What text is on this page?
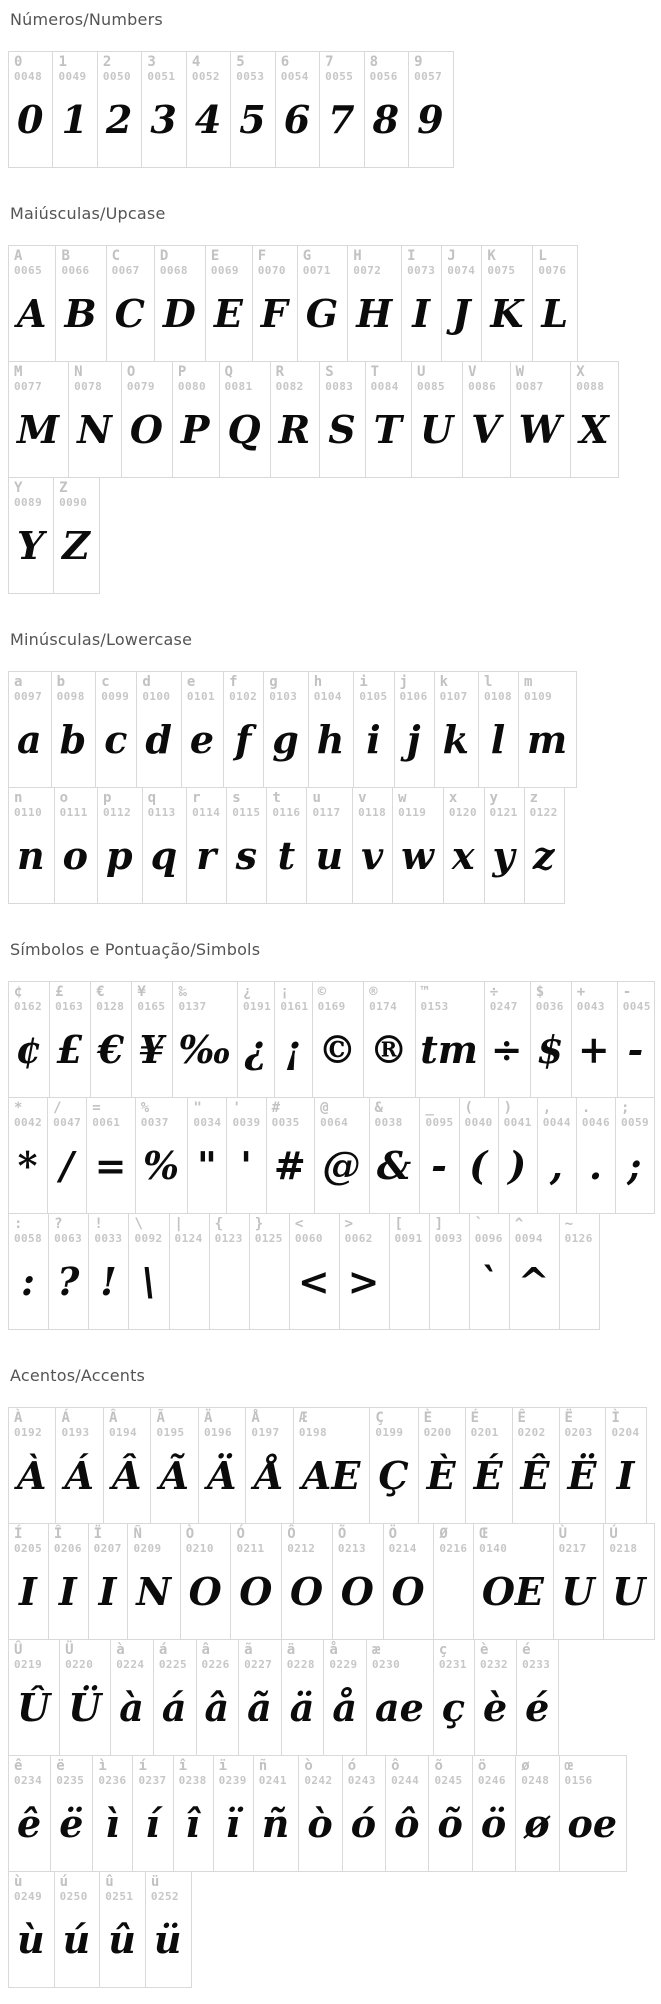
Números/Numbers
0
0048
0
1
0049
1
2
0050
2
3
0051
3
4
0052
4
5
0053
5
6
0054
6
7
0055
7
8
0056
8
9
0057
9
Maiúsculas/Upcase
A
0065
A
B
0066
B
C
0067
C
D
0068
D
E
0069
E
F
0070
F
G
0071
G
H
0072
H
I
0073
I
J
0074
J
K
0075
K
L
0076
L
M
0077
M
N
0078
N
O
0079
O
P
0080
P
Q
0081
Q
R
0082
R
S
0083
S
T
0084
T
U
0085
U
V
0086
V
W
0087
W
X
0088
X
Y
0089
Y
Z
0090
Z
Minúsculas/Lowercase
a
0097
a
b
0098
b
c
0099
c
d
0100
d
e
0101
e
f
0102
f
g
0103
g
h
0104
h
i
0105
i
j
0106
j
k
0107
k
l
0108
l
m
0109
m
n
0110
n
o
0111
o
p
0112
p
q
0113
q
r
0114
r
s
0115
s
t
0116
t
u
0117
u
v
0118
v
w
0119
w
x
0120
x
y
0121
y
z
0122
z
Símbolos e Pontuação/Simbols
¢
0162
¢
£
0163
£
€
0128
€
¥
0165
¥
‰
0137
‰
¿
0191
¿
¡
0161
¡
©
0169
©
®
0174
®
™
0153
tm
÷
0247
÷
$
0036
$
+
0043
+
-
0045
-
*
0042
*
/
0047
/
=
0061
=
%
0037
%
"
0034
"
'
0039
'
#
0035
#
@
0064
@
&
0038
&
_
0095
-
(
0040
(
)
0041
)
,
0044
,
.
0046
.
;
0059
;
:
0058
:
?
0063
?
!
0033
!
\
0092
\
|
0124
{
0123
}
0125
<
0060
<
>
0062
>
[
0091
]
0093
`
0096
`
^
0094
^
~
0126
Acentos/Accents
À
0192
À
Á
0193
Á
Â
0194
Â
Ã
0195
Ã
Ä
0196
Ä
Å
0197
Å
Æ
0198
AE
Ç
0199
Ç
È
0200
È
É
0201
É
Ê
0202
Ê
Ë
0203
Ë
Ì
0204
I
Í
0205
I
Î
0206
I
Ï
0207
I
Ñ
0209
N
Ò
0210
O
Ó
0211
O
Ô
0212
O
Õ
0213
O
Ö
0214
O
Ø
0216
Œ
0140
OE
Ù
0217
U
Ú
0218
U
Û
0219
Û
Ü
0220
Ü
à
0224
à
á
0225
á
â
0226
â
ã
0227
ã
ä
0228
ä
å
0229
å
æ
0230
ae
ç
0231
ç
è
0232
è
é
0233
é
ê
0234
ê
ë
0235
ë
ì
0236
ì
í
0237
í
î
0238
î
ï
0239
ï
ñ
0241
ñ
ò
0242
ò
ó
0243
ó
ô
0244
ô
õ
0245
õ
ö
0246
ö
ø
0248
ø
œ
0156
oe
ù
0249
ù
ú
0250
ú
û
0251
û
ü
0252
ü
